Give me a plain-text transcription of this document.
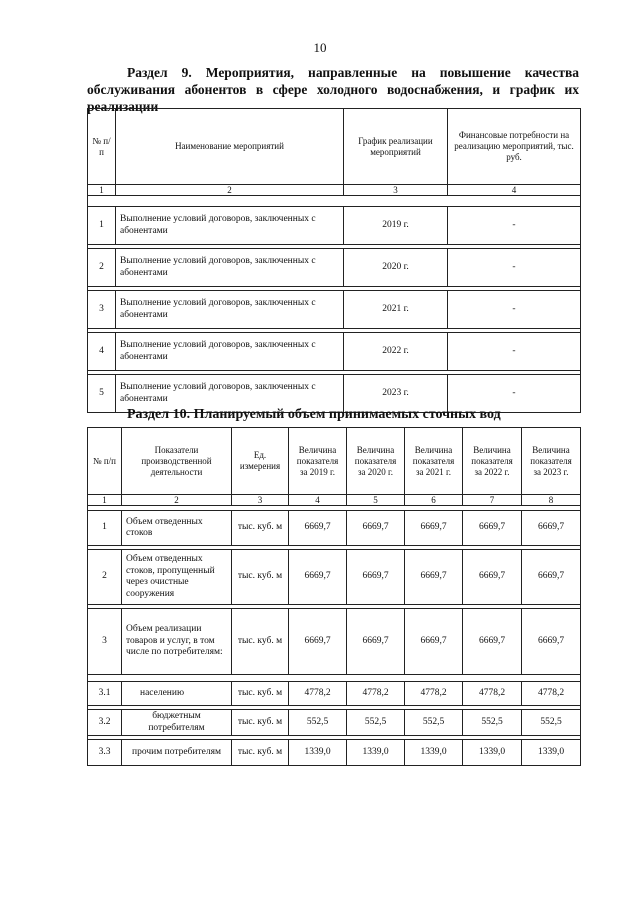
10
Раздел 9. Мероприятия, направленные на повышение качества
обслуживания абонентов в сфере холодного водоснабжения, и график их
реализации
№ п/п	Наименование мероприятий	График реализации мероприятий	Финансовые потребности на реализацию мероприятий, тыс. руб.
1	2	3	4

1	Выполнение условий договоров, заключенных с абонентами	2019 г.	-

2	Выполнение условий договоров, заключенных с абонентами	2020 г.	-

3	Выполнение условий договоров, заключенных с абонентами	2021 г.	-

4	Выполнение условий договоров, заключенных с абонентами	2022 г.	-

5	Выполнение условий договоров, заключенных с абонентами	2023 г.	-
Раздел 10. Планируемый объем принимаемых сточных вод
№ п/п	Показатели производственной деятельности	Ед. измерения	Величина показателя за 2019 г.	Величина показателя за 2020 г.	Величина показателя за 2021 г.	Величина показателя за 2022 г.	Величина показателя за 2023 г.
1	2	3	4	5	6	7	8

1	Объем отведенных стоков	тыс. куб. м	6669,7	6669,7	6669,7	6669,7	6669,7

2	Объем отведенных стоков, пропущенный через очистные сооружения	тыс. куб. м	6669,7	6669,7	6669,7	6669,7	6669,7

3	Объем реализации товаров и услуг, в том числе по потребителям:	тыс. куб. м	6669,7	6669,7	6669,7	6669,7	6669,7

3.1	населению	тыс. куб. м	4778,2	4778,2	4778,2	4778,2	4778,2

3.2	бюджетным потребителям	тыс. куб. м	552,5	552,5	552,5	552,5	552,5

3.3	прочим потребителям	тыс. куб. м	1339,0	1339,0	1339,0	1339,0	1339,0
